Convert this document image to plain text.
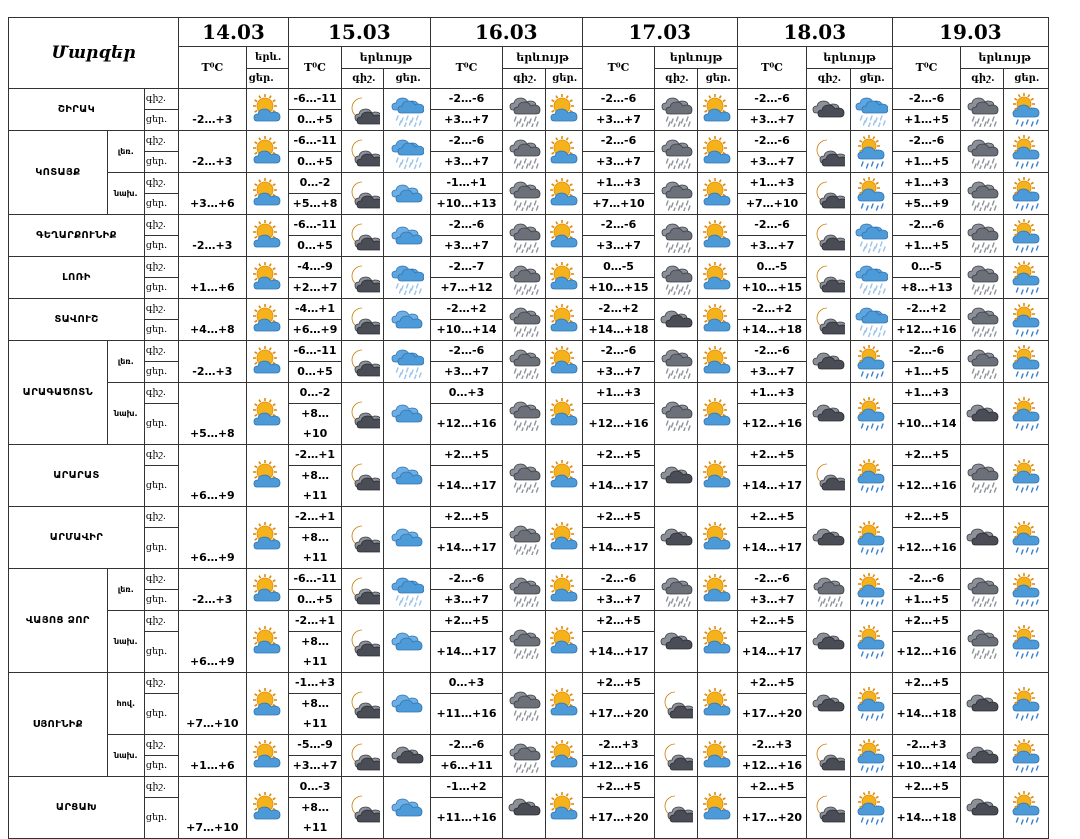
Մարզեր			14.03		15.03			16.03			17.03			18.03			19.03		
			T⁰C	երև.	T⁰C	երևույթ		T⁰C	երևույթ		T⁰C	երևույթ		T⁰C	երևույթ		T⁰C	երևույթ	
				ցեր.		գիշ.	ցեր.		գիշ.	ցեր.		գիշ.	ցեր.		գիշ.	ցեր.		գիշ.	ցեր.
ՇԻՐԱԿ		գիշ.	-2…+3		-6…-11			-2…-6			-2…-6			-2…-6			-2…-6	

		ցեր.			0…+5			+3…+7			+3…+7			+3…+7			+1…+5		
ԿՈՏԱՅՔ	լեռ.	գիշ.	-2…+3		-6…-11			-2…-6			-2…-6			-2…-6			-2…-6	

		ցեր.			0…+5			+3…+7			+3…+7			+3…+7			+1…+5		
	նախ.	գիշ.	+3…+6		0…-2			-1…+1			+1…+3			+1…+3			+1…+3	

		ցեր.			+5…+8			+10…+13			+7…+10			+7…+10			+5…+9		
ԳԵՂԱՐՔՈՒՆԻՔ		գիշ.	-2…+3		-6…-11			-2…-6			-2…-6			-2…-6			-2…-6	

		ցեր.			0…+5			+3…+7			+3…+7			+3…+7			+1…+5		
ԼՈՌԻ		գիշ.	+1…+6		-4…-9			-2…-7			0…-5			0…-5			0…-5	

		ցեր.			+2…+7			+7…+12			+10…+15			+10…+15			+8…+13		
ՏԱՎՈՒՇ		գիշ.	+4…+8		-4…+1			-2…+2			-2…+2			-2…+2			-2…+2	

		ցեր.			+6…+9			+10…+14			+14…+18			+14…+18			+12…+16		
ԱՐԱԳԱԾՈՏՆ	լեռ.	գիշ.	-2…+3		-6…-11			-2…-6			-2…-6			-2…-6			-2…-6	

		ցեր.			0…+5			+3…+7			+3…+7			+3…+7			+1…+5		
	նախ.	գիշ.	+5…+8		0…-2			0…+3			+1…+3			+1…+3			+1…+3	

		ցեր.			+8…+10			+12…+16			+12…+16			+12…+16			+10…+14		
ԱՐԱՐԱՏ		գիշ.	+6…+9		-2…+1			+2…+5			+2…+5			+2…+5			+2…+5	

		ցեր.			+8…+11			+14…+17			+14…+17			+14…+17			+12…+16		
ԱՐՄԱՎԻՐ		գիշ.	+6…+9		-2…+1			+2…+5			+2…+5			+2…+5			+2…+5	

		ցեր.			+8…+11			+14…+17			+14…+17			+14…+17			+12…+16		
ՎԱՅՈՑ ՁՈՐ	լեռ.	գիշ.	-2…+3		-6…-11			-2…-6			-2…-6			-2…-6			-2…-6	

		ցեր.			0…+5			+3…+7			+3…+7			+3…+7			+1…+5		
	նախ.	գիշ.	+6…+9		-2…+1			+2…+5			+2…+5			+2…+5			+2…+5	

		ցեր.			+8…+11			+14…+17			+14…+17			+14…+17			+12…+16		
ՍՅՈՒՆԻՔ	հով.	գիշ.	+7…+10		-1…+3			0…+3			+2…+5			+2…+5			+2…+5	

		ցեր.			+8…+11			+11…+16			+17…+20			+17…+20			+14…+18		
	նախ.	գիշ.	+1…+6		-5…-9			-2…-6			-2…+3			-2…+3			-2…+3	

		ցեր.			+3…+7			+6…+11			+12…+16			+12…+16			+10…+14		
ԱՐՑԱԽ		գիշ.	+7…+10		0…-3			-1…+2			+2…+5			+2…+5			+2…+5	

		ցեր.			+8…+11			+11…+16			+17…+20			+17…+20			+14…+18		
